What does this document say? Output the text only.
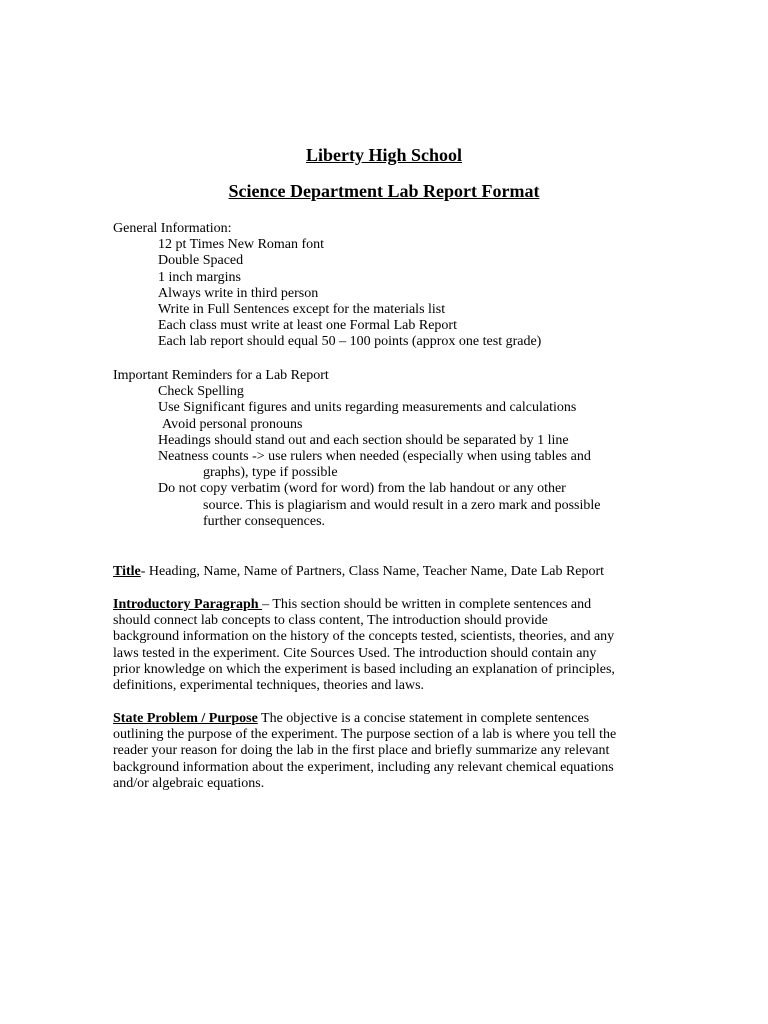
Liberty High School
Science Department Lab Report Format
General Information:
12 pt Times New Roman font
Double Spaced
1 inch margins
Always write in third person
Write in Full Sentences except for the materials list
Each class must write at least one Formal Lab Report
Each lab report should equal 50 – 100 points (approx one test grade)
Important Reminders for a Lab Report
Check Spelling
Use Significant figures and units regarding measurements and calculations
Avoid personal pronouns
Headings should stand out and each section should be separated by 1 line
Neatness counts -> use rulers when needed (especially when using tables and
graphs), type if possible
Do not copy verbatim (word for word) from the lab handout or any other
source. This is plagiarism and would result in a zero mark and possible
further consequences.
Title- Heading, Name, Name of Partners, Class Name, Teacher Name, Date Lab Report
Introductory Paragraph – This section should be written in complete sentences and
should connect lab concepts to class content, The introduction should provide
background information on the history of the concepts tested, scientists, theories, and any
laws tested in the experiment. Cite Sources Used. The introduction should contain any
prior knowledge on which the experiment is based including an explanation of principles,
definitions, experimental techniques, theories and laws.
State Problem / Purpose The objective is a concise statement in complete sentences
outlining the purpose of the experiment. The purpose section of a lab is where you tell the
reader your reason for doing the lab in the first place and briefly summarize any relevant
background information about the experiment, including any relevant chemical equations
and/or algebraic equations.
